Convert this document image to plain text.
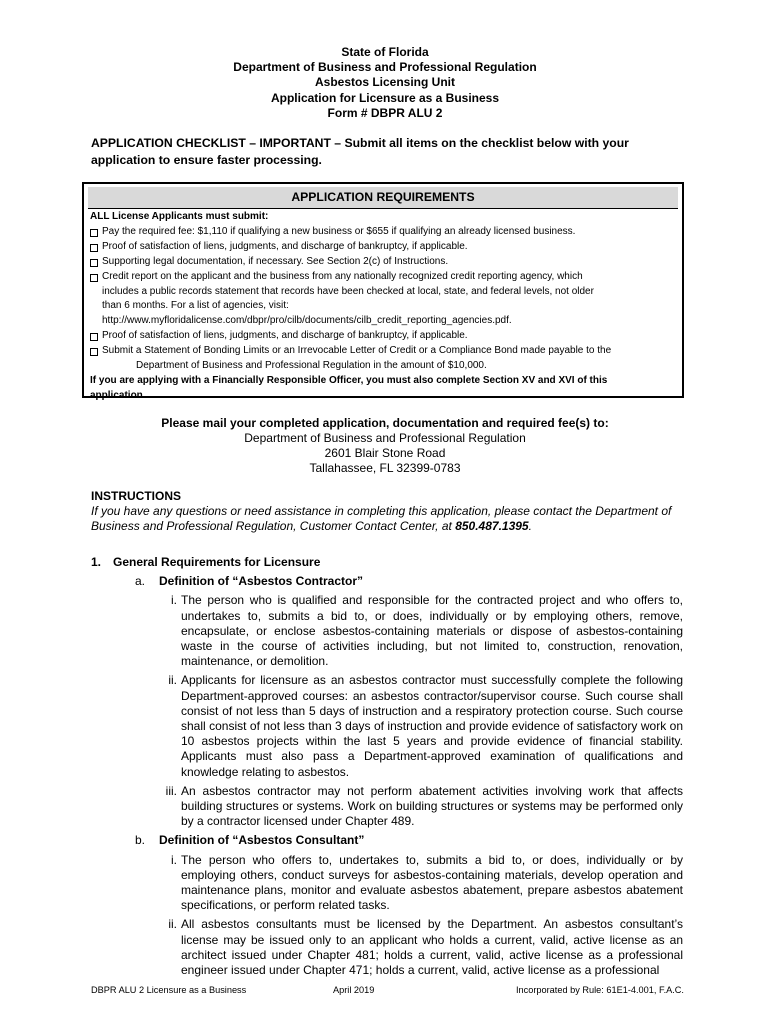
State of Florida
Department of Business and Professional Regulation
Asbestos Licensing Unit
Application for Licensure as a Business
Form # DBPR ALU 2
APPLICATION CHECKLIST – IMPORTANT – Submit all items on the checklist below with your
application to ensure faster processing.
APPLICATION REQUIREMENTS
ALL License Applicants must submit:
Pay the required fee: $1,110 if qualifying a new business or $655 if qualifying an already licensed business.
Proof of satisfaction of liens, judgments, and discharge of bankruptcy, if applicable.
Supporting legal documentation, if necessary. See Section 2(c) of Instructions.
Credit report on the applicant and the business from any nationally recognized credit reporting agency, which
includes a public records statement that records have been checked at local, state, and federal levels, not older
than 6 months. For a list of agencies, visit:
http://www.myfloridalicense.com/dbpr/pro/cilb/documents/cilb_credit_reporting_agencies.pdf.
Proof of satisfaction of liens, judgments, and discharge of bankruptcy, if applicable.
Submit a Statement of Bonding Limits or an Irrevocable Letter of Credit or a Compliance Bond made payable to the
Department of Business and Professional Regulation in the amount of $10,000.
If you are applying with a Financially Responsible Officer, you must also complete Section XV and XVI of this
application.
Please mail your completed application, documentation and required fee(s) to:
Department of Business and Professional Regulation
2601 Blair Stone Road
Tallahassee, FL 32399-0783
INSTRUCTIONS
If you have any questions or need assistance in completing this application, please contact the Department of
Business and Professional Regulation, Customer Contact Center, at 850.487.1395.
1. General Requirements for Licensure
a. Definition of “Asbestos Contractor”
i. The person who is qualified and responsible for the contracted project and who offers to, undertakes to, submits a bid to, or does, individually or by employing others, remove, encapsulate, or enclose asbestos-containing materials or dispose of asbestos-containing waste in the course of activities including, but not limited to, construction, renovation, maintenance, or demolition.
ii. Applicants for licensure as an asbestos contractor must successfully complete the following Department-approved courses: an asbestos contractor/supervisor course. Such course shall consist of not less than 5 days of instruction and a respiratory protection course. Such course shall consist of not less than 3 days of instruction and provide evidence of satisfactory work on 10 asbestos projects within the last 5 years and provide evidence of financial stability. Applicants must also pass a Department-approved examination of qualifications and knowledge relating to asbestos.
iii. An asbestos contractor may not perform abatement activities involving work that affects building structures or systems. Work on building structures or systems may be performed only by a contractor licensed under Chapter 489.
b. Definition of “Asbestos Consultant”
i. The person who offers to, undertakes to, submits a bid to, or does, individually or by employing others, conduct surveys for asbestos-containing materials, develop operation and maintenance plans, monitor and evaluate asbestos abatement, prepare asbestos abatement specifications, or perform related tasks.
ii. All asbestos consultants must be licensed by the Department. An asbestos consultant’s license may be issued only to an applicant who holds a current, valid, active license as an architect issued under Chapter 481; holds a current, valid, active license as a professional engineer issued under Chapter 471; holds a current, valid, active license as a professional
DBPR ALU 2 Licensure as a Business	April 2019	Incorporated by Rule: 61E1-4.001, F.A.C.
